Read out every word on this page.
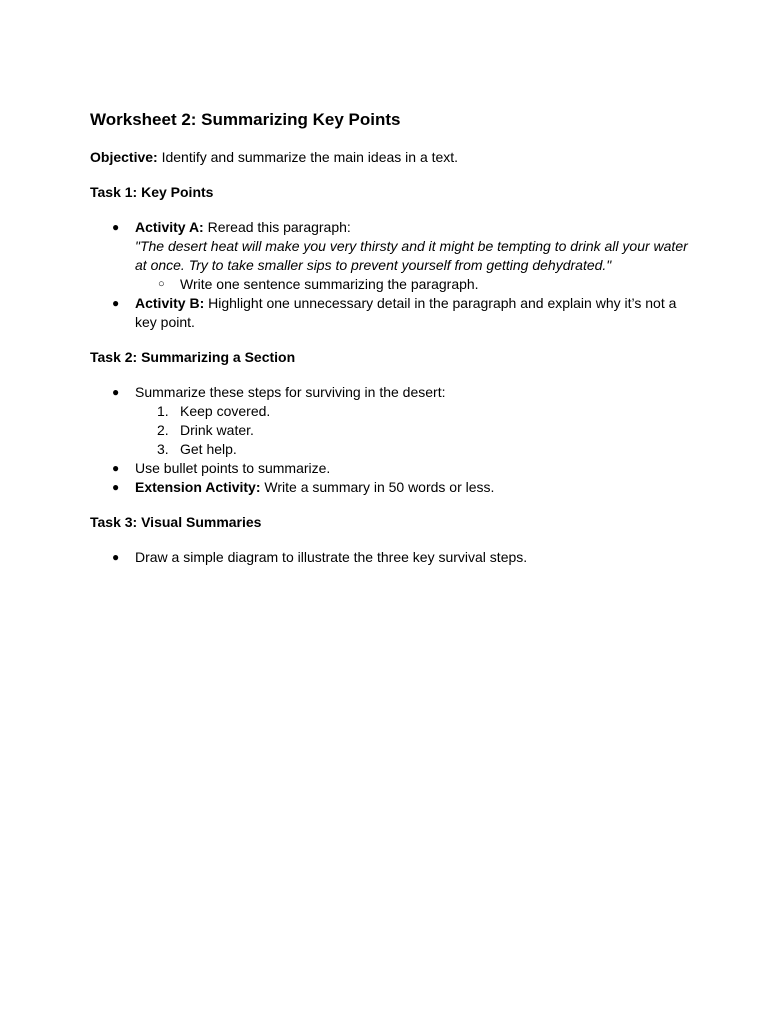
Worksheet 2: Summarizing Key Points
Objective: Identify and summarize the main ideas in a text.
Task 1: Key Points
● Activity A: Reread this paragraph:
"The desert heat will make you very thirsty and it might be tempting to drink all your water at once. Try to take smaller sips to prevent yourself from getting dehydrated."
○ Write one sentence summarizing the paragraph.
● Activity B: Highlight one unnecessary detail in the paragraph and explain why it’s not a key point.
Task 2: Summarizing a Section
● Summarize these steps for surviving in the desert:
1. Keep covered.
2. Drink water.
3. Get help.
● Use bullet points to summarize.
● Extension Activity: Write a summary in 50 words or less.
Task 3: Visual Summaries
● Draw a simple diagram to illustrate the three key survival steps.
